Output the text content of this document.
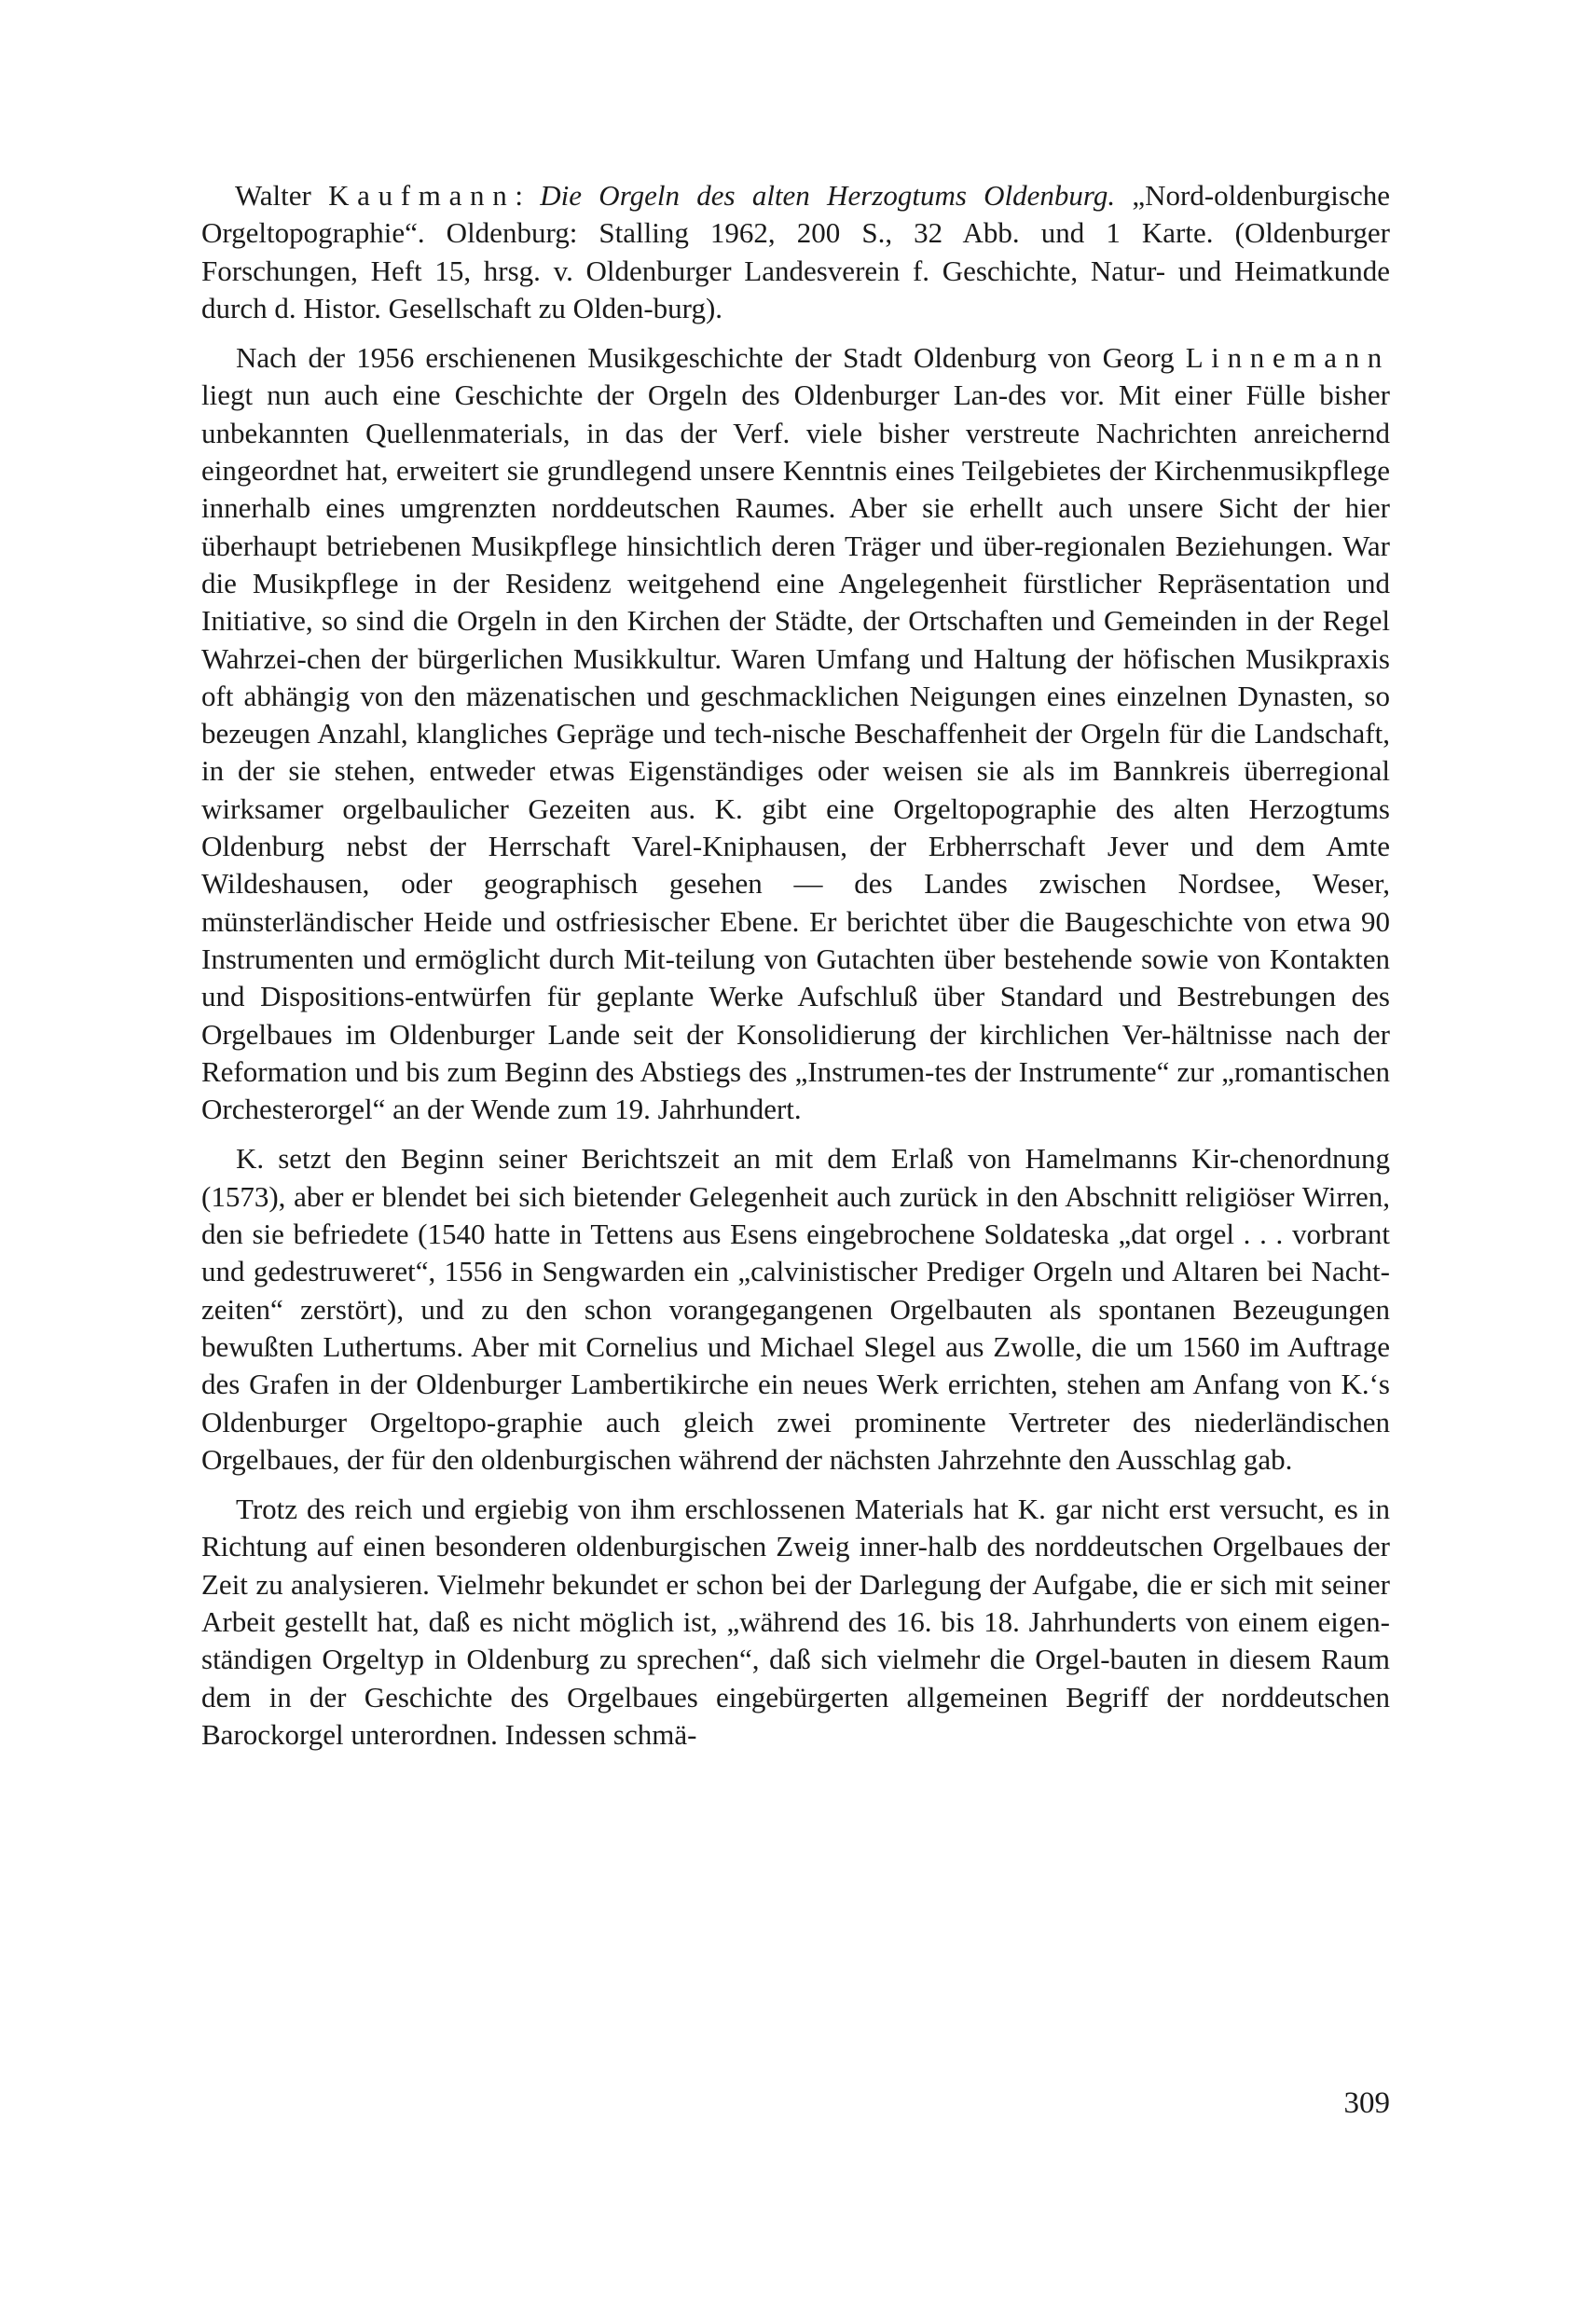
Walter Kaufmann: Die Orgeln des alten Herzogtums Oldenburg. „Nord-oldenburgische Orgeltopographie“. Oldenburg: Stalling 1962, 200 S., 32 Abb. und 1 Karte. (Oldenburger Forschungen, Heft 15, hrsg. v. Oldenburger Landesverein f. Geschichte, Natur- und Heimatkunde durch d. Histor. Gesellschaft zu Olden-burg).

Nach der 1956 erschienenen Musikgeschichte der Stadt Oldenburg von Georg Linnemann liegt nun auch eine Geschichte der Orgeln des Oldenburger Lan-des vor. Mit einer Fülle bisher unbekannten Quellenmaterials, in das der Verf. viele bisher verstreute Nachrichten anreichernd eingeordnet hat, erweitert sie grundlegend unsere Kenntnis eines Teilgebietes der Kirchenmusikpflege innerhalb eines umgrenzten norddeutschen Raumes. Aber sie erhellt auch unsere Sicht der hier überhaupt betriebenen Musikpflege hinsichtlich deren Träger und über-regionalen Beziehungen. War die Musikpflege in der Residenz weitgehend eine Angelegenheit fürstlicher Repräsentation und Initiative, so sind die Orgeln in den Kirchen der Städte, der Ortschaften und Gemeinden in der Regel Wahrzei-chen der bürgerlichen Musikkultur. Waren Umfang und Haltung der höfischen Musikpraxis oft abhängig von den mäzenatischen und geschmacklichen Neigungen eines einzelnen Dynasten, so bezeugen Anzahl, klangliches Gepräge und tech-nische Beschaffenheit der Orgeln für die Landschaft, in der sie stehen, entweder etwas Eigenständiges oder weisen sie als im Bannkreis überregional wirksamer orgelbaulicher Gezeiten aus. K. gibt eine Orgeltopographie des alten Herzogtums Oldenburg nebst der Herrschaft Varel-Kniphausen, der Erbherrschaft Jever und dem Amte Wildeshausen, oder geographisch gesehen — des Landes zwischen Nordsee, Weser, münsterländischer Heide und ostfriesischer Ebene. Er berichtet über die Baugeschichte von etwa 90 Instrumenten und ermöglicht durch Mit-teilung von Gutachten über bestehende sowie von Kontakten und Dispositions-entwürfen für geplante Werke Aufschluß über Standard und Bestrebungen des Orgelbaues im Oldenburger Lande seit der Konsolidierung der kirchlichen Ver-hältnisse nach der Reformation und bis zum Beginn des Abstiegs des „Instrumen-tes der Instrumente“ zur „romantischen Orchesterorgel“ an der Wende zum 19. Jahrhundert.

K. setzt den Beginn seiner Berichtszeit an mit dem Erlaß von Hamelmanns Kir-chenordnung (1573), aber er blendet bei sich bietender Gelegenheit auch zurück in den Abschnitt religiöser Wirren, den sie befriedete (1540 hatte in Tettens aus Esens eingebrochene Soldateska „dat orgel . . . vorbrant und gedestruweret“, 1556 in Sengwarden ein „calvinistischer Prediger Orgeln und Altaren bei Nacht-zeiten“ zerstört), und zu den schon vorangegangenen Orgelbauten als spontanen Bezeugungen bewußten Luthertums. Aber mit Cornelius und Michael Slegel aus Zwolle, die um 1560 im Auftrage des Grafen in der Oldenburger Lambertikirche ein neues Werk errichten, stehen am Anfang von K.‘s Oldenburger Orgeltopo-graphie auch gleich zwei prominente Vertreter des niederländischen Orgelbaues, der für den oldenburgischen während der nächsten Jahrzehnte den Ausschlag gab.

Trotz des reich und ergiebig von ihm erschlossenen Materials hat K. gar nicht erst versucht, es in Richtung auf einen besonderen oldenburgischen Zweig inner-halb des norddeutschen Orgelbaues der Zeit zu analysieren. Vielmehr bekundet er schon bei der Darlegung der Aufgabe, die er sich mit seiner Arbeit gestellt hat, daß es nicht möglich ist, „während des 16. bis 18. Jahrhunderts von einem eigen-ständigen Orgeltyp in Oldenburg zu sprechen“, daß sich vielmehr die Orgel-bauten in diesem Raum dem in der Geschichte des Orgelbaues eingebürgerten allgemeinen Begriff der norddeutschen Barockorgel unterordnen. Indessen schmä-

309
